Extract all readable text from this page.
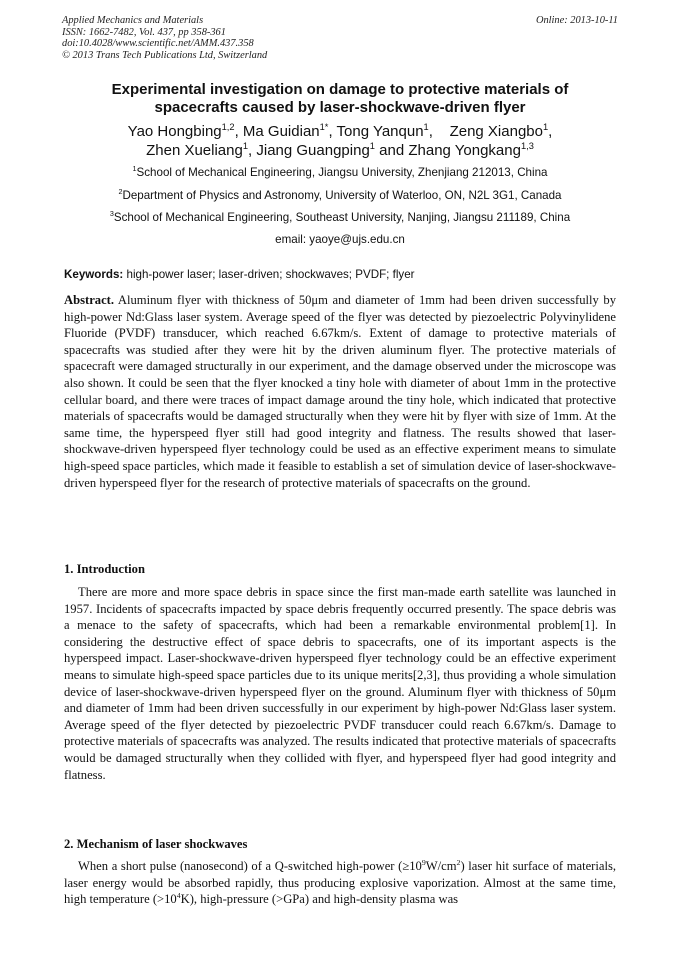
Applied Mechanics and Materials
ISSN: 1662-7482, Vol. 437, pp 358-361
doi:10.4028/www.scientific.net/AMM.437.358
© 2013 Trans Tech Publications Ltd, Switzerland
Online: 2013-10-11
Experimental investigation on damage to protective materials of
spacecrafts caused by laser-shockwave-driven flyer
Yao Hongbing$^{1,2}$, Ma Guidian$^{1*}$, Tong Yanqun$^1$,    Zeng Xiangbo$^1$,
Zhen Xueliang$^1$, Jiang Guangping$^1$ and Zhang Yongkang$^{1,3}$
$^1$School of Mechanical Engineering, Jiangsu University, Zhenjiang 212013, China
$^2$Department of Physics and Astronomy, University of Waterloo, ON, N2L 3G1, Canada
$^3$School of Mechanical Engineering, Southeast University, Nanjing, Jiangsu 211189, China
email: yaoye@ujs.edu.cn
Keywords: high-power laser; laser-driven; shockwaves; PVDF; flyer
Abstract. Aluminum flyer with thickness of 50μm and diameter of 1mm had been driven successfully by high-power Nd:Glass laser system. Average speed of the flyer was detected by piezoelectric Polyvinylidene Fluoride (PVDF) transducer, which reached 6.67km/s. Extent of damage to protective materials of spacecrafts was studied after they were hit by the driven aluminum flyer. The protective materials of spacecraft were damaged structurally in our experiment, and the damage observed under the microscope was also shown. It could be seen that the flyer knocked a tiny hole with diameter of about 1mm in the protective cellular board, and there were traces of impact damage around the tiny hole, which indicated that protective materials of spacecrafts would be damaged structurally when they were hit by flyer with size of 1mm. At the same time, the hyperspeed flyer still had good integrity and flatness. The results showed that laser-shockwave-driven hyperspeed flyer technology could be used as an effective experiment means to simulate high-speed space particles, which made it feasible to establish a set of simulation device of laser-shockwave-driven hyperspeed flyer for the research of protective materials of spacecrafts on the ground.
1. Introduction
There are more and more space debris in space since the first man-made earth satellite was launched in 1957. Incidents of spacecrafts impacted by space debris frequently occurred presently. The space debris was a menace to the safety of spacecrafts, which had been a remarkable environmental problem[1]. In considering the destructive effect of space debris to spacecrafts, one of its important aspects is the hyperspeed impact. Laser-shockwave-driven hyperspeed flyer technology could be an effective experiment means to simulate high-speed space particles due to its unique merits[2,3], thus providing a whole simulation device of laser-shockwave-driven hyperspeed flyer on the ground. Aluminum flyer with thickness of 50μm and diameter of 1mm had been driven successfully in our experiment by high-power Nd:Glass laser system. Average speed of the flyer detected by piezoelectric PVDF transducer could reach 6.67km/s. Damage to protective materials of spacecrafts was analyzed. The results indicated that protective materials of spacecrafts would be damaged structurally when they collided with flyer, and hyperspeed flyer had good integrity and flatness.
2. Mechanism of laser shockwaves
When a short pulse (nanosecond) of a Q-switched high-power $(\ge 10^9W/cm^2)$ laser hit surface of materials, laser energy would be absorbed rapidly, thus producing explosive vaporization. Almost at the same time, high temperature $(>10^4K)$, high-pressure (>GPa) and high-density plasma was
